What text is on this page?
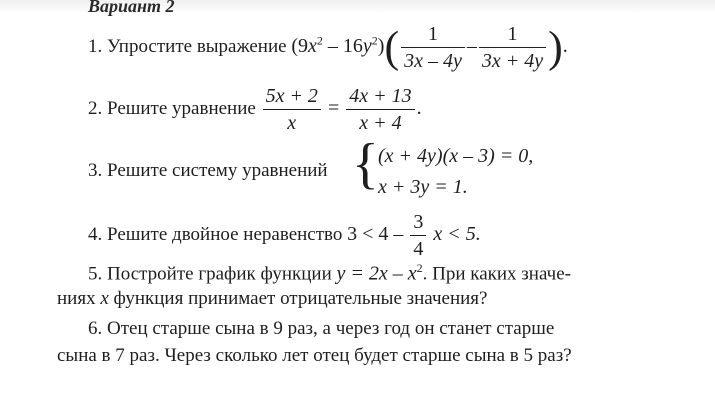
Вариант 2
1. Упростите выражение $(9x^2 - 16y^2)( \frac{1}{3x - 4y} - \frac{1}{3x + 4y}$ ).
2. Решите уравнение $\frac{5x + 2}{x} = \frac{4x + 13}{x + 4}$ .
3. Решите систему уравнений { (x + 4y)(x – 3) = 0,
x + 3y = 1.
4. Решите двойное неравенство $3 < 4 - \frac{3}{4}$ x < 5.
5. Постройте график функции $y = 2x - x^2$. При каких значе-
ниях x функция принимает отрицательные значения?
6. Отец старше сына в 9 раз, а через год он станет старше
сына в 7 раз. Через сколько лет отец будет старше сына в 5 раз?
